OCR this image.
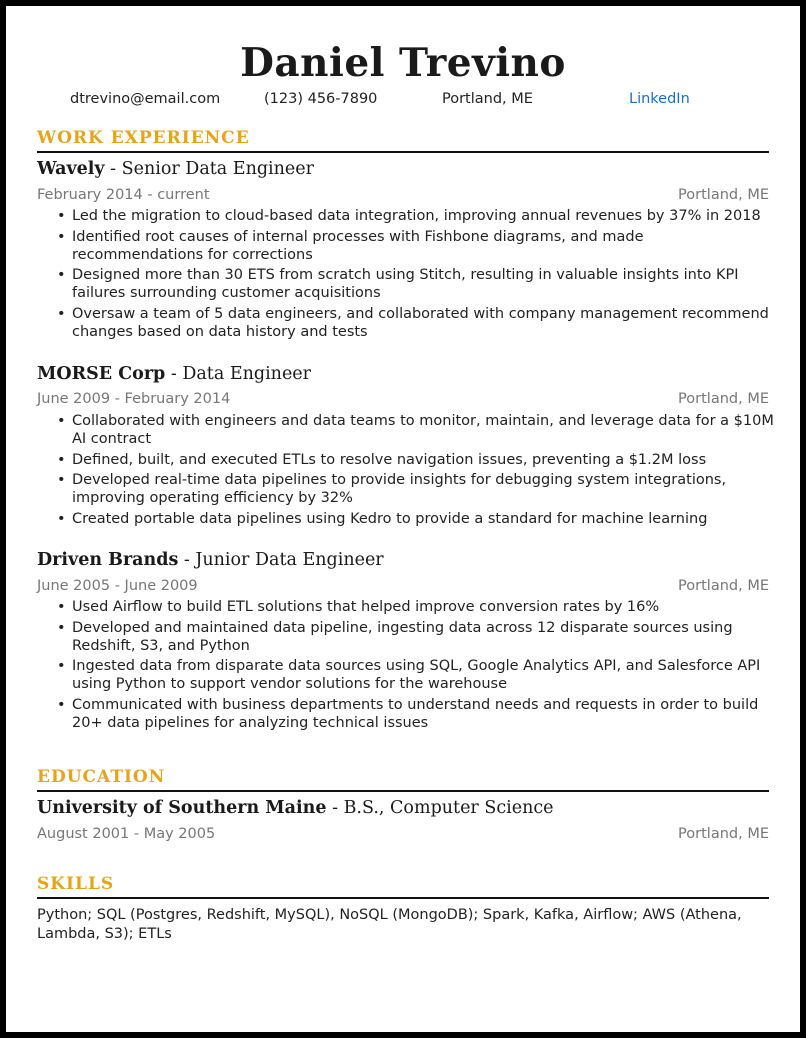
Daniel Trevino
dtrevino@email.com	(123) 456-7890	Portland, ME	LinkedIn
WORK EXPERIENCE
Wavely - Senior Data Engineer
February 2014 - current	Portland, ME
• Led the migration to cloud-based data integration, improving annual revenues by 37% in 2018
• Identified root causes of internal processes with Fishbone diagrams, and made recommendations for corrections
• Designed more than 30 ETS from scratch using Stitch, resulting in valuable insights into KPI failures surrounding customer acquisitions
• Oversaw a team of 5 data engineers, and collaborated with company management recommend changes based on data history and tests
MORSE Corp - Data Engineer
June 2009 - February 2014	Portland, ME
• Collaborated with engineers and data teams to monitor, maintain, and leverage data for a $10M AI contract
• Defined, built, and executed ETLs to resolve navigation issues, preventing a $1.2M loss
• Developed real-time data pipelines to provide insights for debugging system integrations, improving operating efficiency by 32%
• Created portable data pipelines using Kedro to provide a standard for machine learning
Driven Brands - Junior Data Engineer
June 2005 - June 2009	Portland, ME
• Used Airflow to build ETL solutions that helped improve conversion rates by 16%
• Developed and maintained data pipeline, ingesting data across 12 disparate sources using Redshift, S3, and Python
• Ingested data from disparate data sources using SQL, Google Analytics API, and Salesforce API using Python to support vendor solutions for the warehouse
• Communicated with business departments to understand needs and requests in order to build 20+ data pipelines for analyzing technical issues
EDUCATION
University of Southern Maine - B.S., Computer Science
August 2001 - May 2005	Portland, ME
SKILLS
Python; SQL (Postgres, Redshift, MySQL), NoSQL (MongoDB); Spark, Kafka, Airflow; AWS (Athena, Lambda, S3); ETLs
